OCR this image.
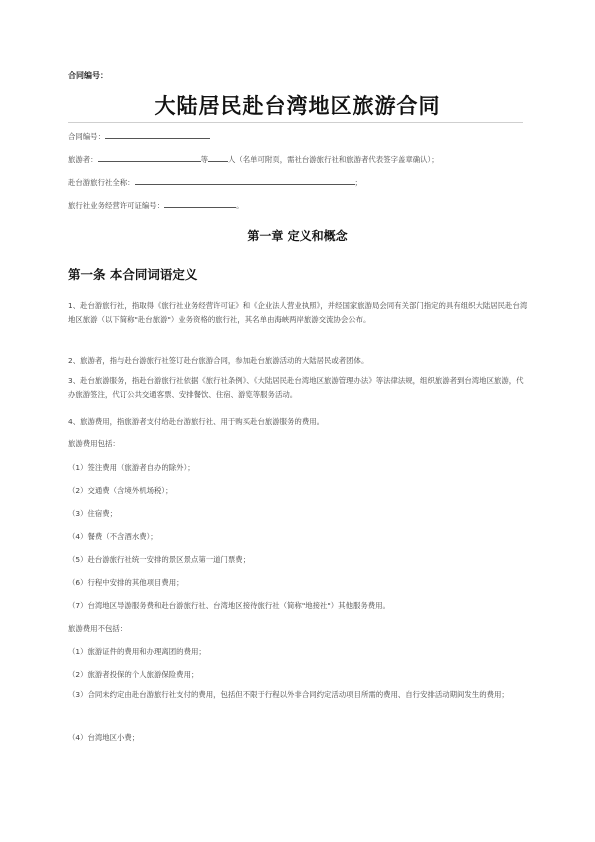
合同编号：
大陆居民赴台湾地区旅游合同
合同编号：
旅游者：	等	人（名单可附页，需社台游旅行社和旅游者代表签字盖章确认）；
赴台游旅行社全称：	；
旅行社业务经营许可证编号：	。
第一章 定义和概念
第一条 本合同词语定义
1、赴台游旅行社，指取得《旅行社业务经营许可证》和《企业法人营业执照》，并经国家旅游局会同有关部门指定的具有组织大陆居民赴台湾地区旅游（以下简称"赴台旅游"）业务资格的旅行社，其名单由海峡两岸旅游交流协会公布。
2、旅游者，指与赴台游旅行社签订赴台旅游合同，参加赴台旅游活动的大陆居民或者团体。
3、赴台旅游服务，指赴台游旅行社依据《旅行社条例》、《大陆居民赴台湾地区旅游管理办法》等法律法规，组织旅游者到台湾地区旅游，代办旅游签注，代订公共交通客票、安排餐饮、住宿、游览等服务活动。
4、旅游费用，指旅游者支付给赴台游旅行社、用于购买赴台旅游服务的费用。
旅游费用包括：
（1）签注费用（旅游者自办的除外）；
（2）交通费（含境外机场税）；
（3）住宿费；
（4）餐费（不含酒水费）；
（5）赴台游旅行社统一安排的景区景点第一道门票费；
（6）行程中安排的其他项目费用；
（7）台湾地区导游服务费和赴台游旅行社、台湾地区接待旅行社（简称"地接社"）其他服务费用。
旅游费用不包括：
（1）旅游证件的费用和办理离团的费用；
（2）旅游者投保的个人旅游保险费用；
（3）合同未约定由赴台游旅行社支付的费用，包括但不限于行程以外非合同约定活动项目所需的费用、自行安排活动期间发生的费用；
（4）台湾地区小费；
